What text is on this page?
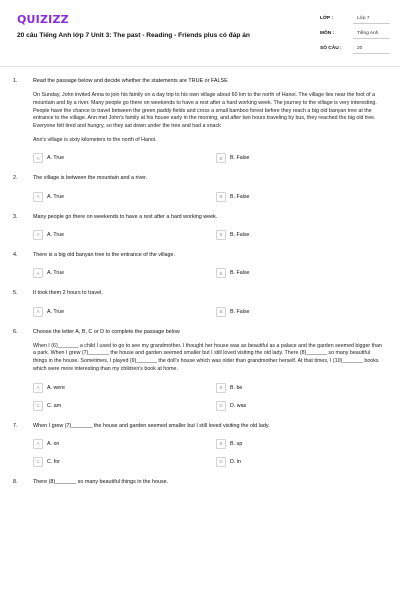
QUIZIZZ
20 câu Tiếng Anh lớp 7 Unit 3: The past - Reading - Friends plus có đáp án
LỚP :	Lớp 7
MÔN :	Tiếng Anh
SỐ CÂU :	20
1.	Read the passage below and decide whether the statements are TRUE or FALSE
On Sunday, John invited Anna to join his family on a day trip to his own village about 60 km to the north of Hanoi. The village lies near the foot of a mountain and by a river. Many people go there on weekends to have a rest after a hard working week. The journey to the village is very interesting. People have the chance to travel between the green paddy fields and cross a small bamboo forest before they reach a big old banyan tree at the entrance to the village. Ann met John's family at his house early in the morning, and after two hours traveling by bus, they reached the big old tree. Everyone felt tired and hungry, so they sat down under the tree and had a snack
Ann's village is sixty kilometers to the north of Hanoi.
A	A. True	B	B. False
2.	The village is between the mountain and a river.
A	A. True	B	B. False
3.	Many people go there on weekends to have a rest after a hard working week.
A	A. True	B	B. False
4.	There is a big old banyan tree to the entrance of the village.
A	A. True	B	B. False
5.	It took them 2 hours to travel.
A	A. True	B	B. False
6.	Choose the letter A, B, C or D to complete the passage below
When I (6)_______ a child I used to go to see my grandmother. I thought her house was as beautiful as a palace and the garden seemed bigger than a park. When I grew (7)_______ the house and garden seemed smaller but I still loved visiting the old lady. There (8)_______ so many beautiful things in the house. Sometimes, I played (9)_______ the doll's house which was older than grandmother herself. At that times, I (10)_______ books which were more interesting than my children's book at home.
A	A. were	B	B. be
C	C. am	D	D. was
7.	When I grew (7)_______ the house and garden seemed smaller but I still loved visiting the old lady.
A	A. on	B	B. up
C	C. for	D	D. in
8.	There (8)_______ so many beautiful things in the house.
